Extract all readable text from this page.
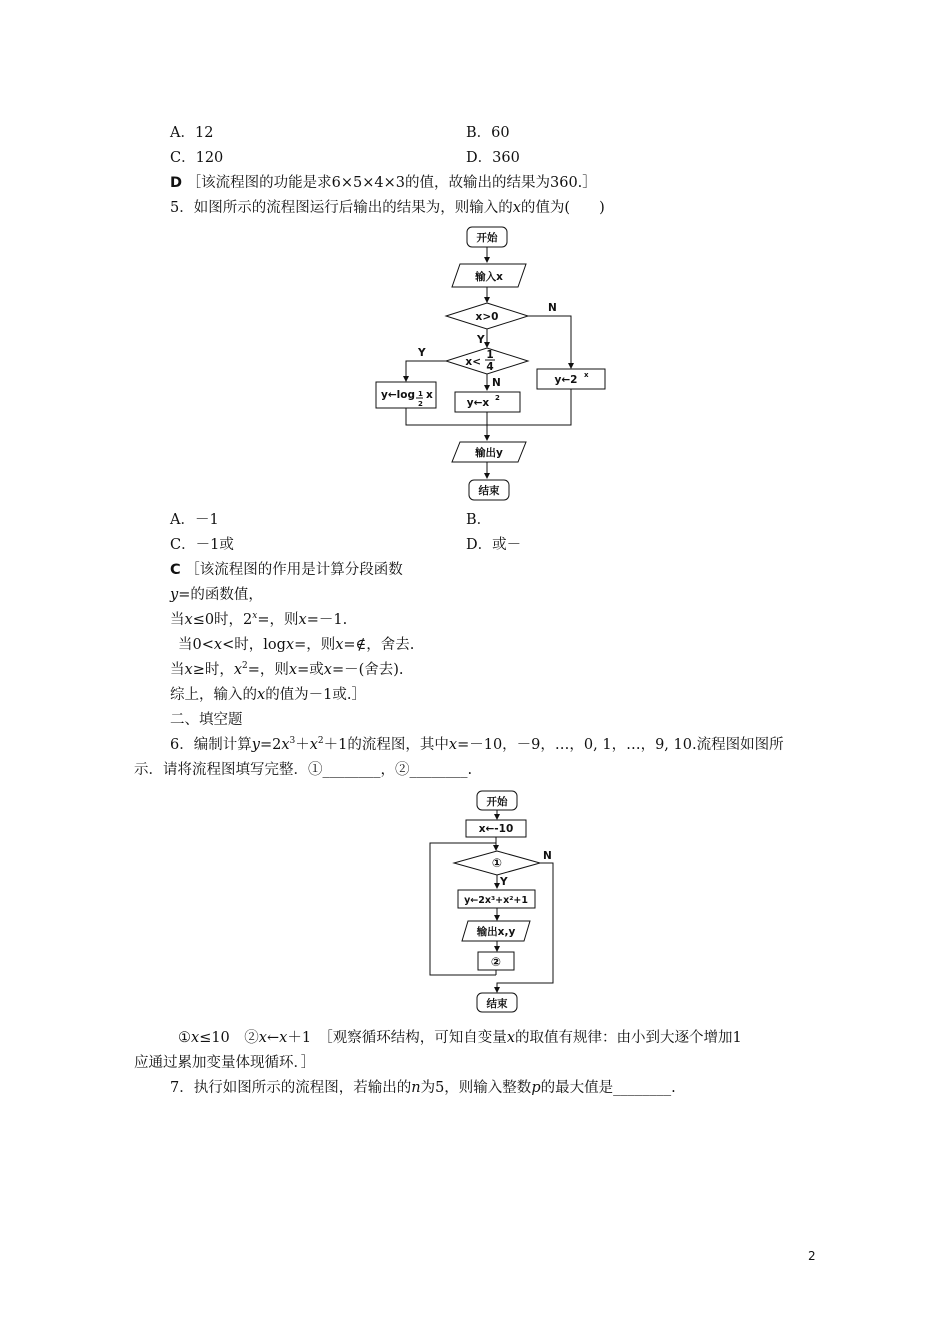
A．12	B．60
C．120	D．360
D ［该流程图的功能是求6×5×4×3的值，故输出的结果为360.］
5．如图所示的流程图运行后输出的结果为，则输入的x的值为(　　)
开始
输入x
x>0
N
Y
x<
1
4
Y
N
y←log 1
2
x
y←x 2
y←2 x
输出y
结束
A．－1	B．
C．－1或	D．或－
C ［该流程图的作用是计算分段函数
y=的函数值，
当x≤0时，$2^x=$，则x=－1.
当0<x<时，logx=，则x=∉，舍去.
当x≥时，$x^2=$，则x=或x=－(舍去).
综上，输入的x的值为－1或.］
二、填空题
6．编制计算$y=2x^3+x^2+1$的流程图，其中x=－10，－9，…，0, 1，…，9, 10.流程图如图所
示．请将流程图填写完整．①________，②________.
开始
x←-10
①	N
Y
y←2x³+x²+1
输出x,y
②
结束
①x≤10　②x←x＋1　［观察循环结构，可知自变量x的取值有规律：由小到大逐个增加1
应通过累加变量体现循环．］
7．执行如图所示的流程图，若输出的n为5，则输入整数p的最大值是________.
2
